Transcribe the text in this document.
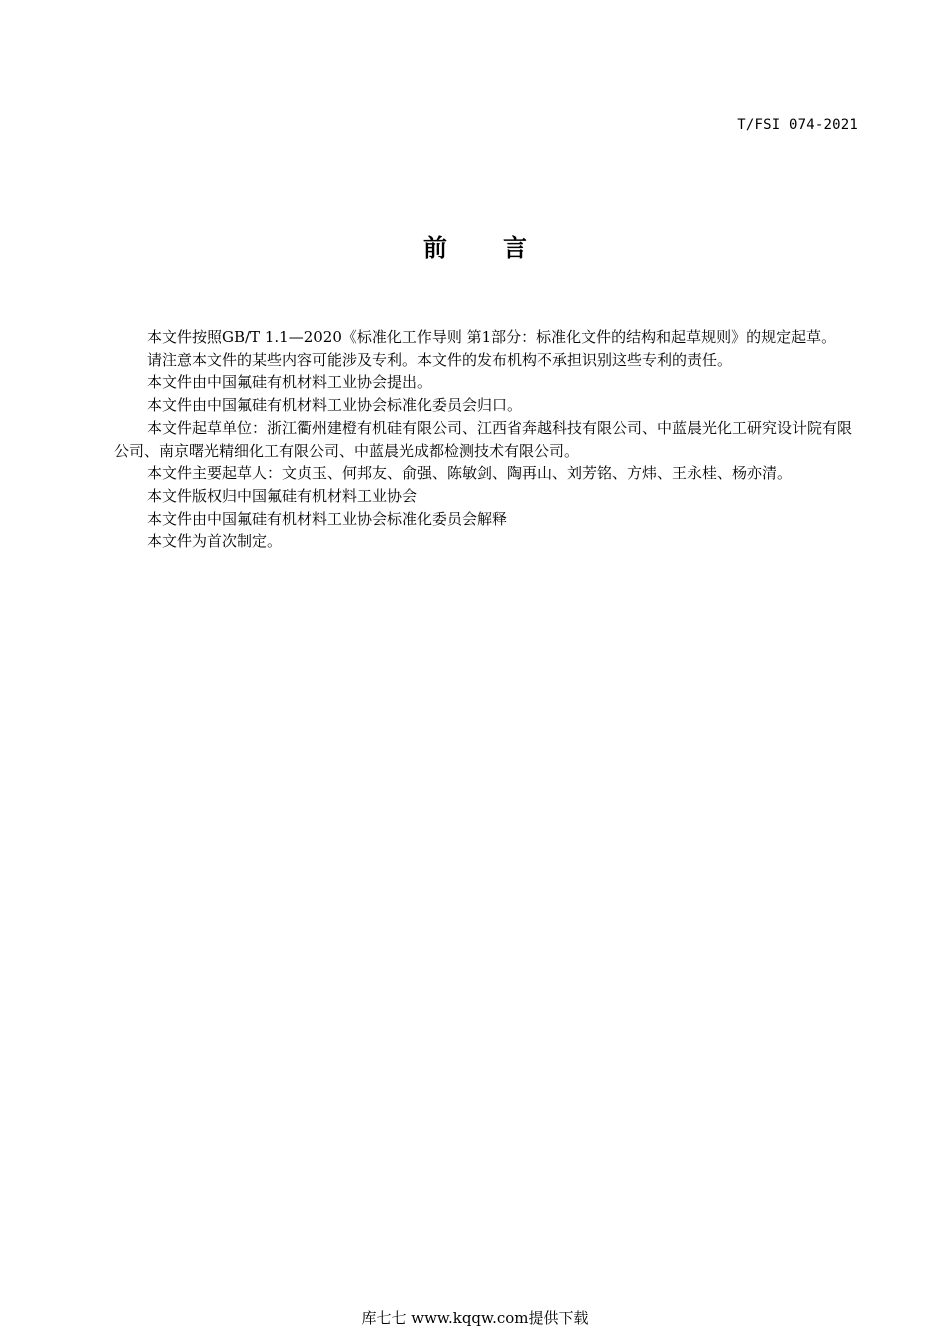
T/FSI 074-2021
前言

本文件按照GB/T 1.1—2020《标准化工作导则 第1部分：标准化文件的结构和起草规则》的规定起草。

请注意本文件的某些内容可能涉及专利。本文件的发布机构不承担识别这些专利的责任。

本文件由中国氟硅有机材料工业协会提出。

本文件由中国氟硅有机材料工业协会标准化委员会归口。

本文件起草单位：浙江衢州建橙有机硅有限公司、江西省奔越科技有限公司、中蓝晨光化工研究设计院有限公司、南京曙光精细化工有限公司、中蓝晨光成都检测技术有限公司。

本文件主要起草人：文贞玉、何邦友、俞强、陈敏剑、陶再山、刘芳铭、方炜、王永桂、杨亦清。

本文件版权归中国氟硅有机材料工业协会

本文件由中国氟硅有机材料工业协会标准化委员会解释

本文件为首次制定。

库七七 www.kqqw.com提供下载
